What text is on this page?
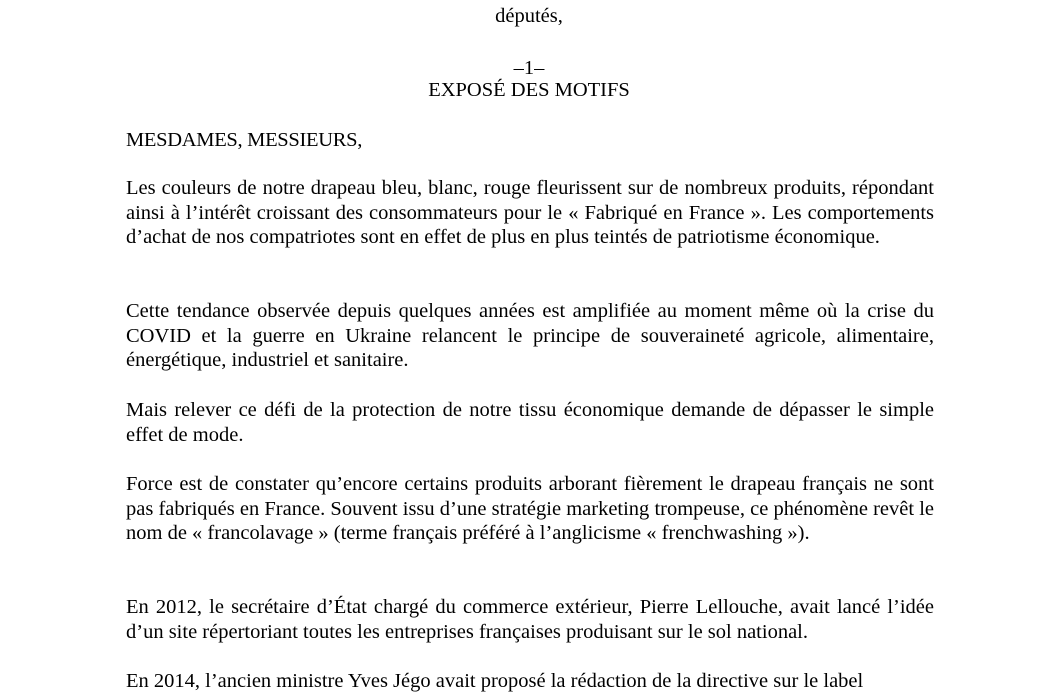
députés,
–1–
EXPOSÉ DES MOTIFS
MESDAMES, MESSIEURS,

Les couleurs de notre drapeau bleu, blanc, rouge fleurissent sur de nombreux produits, répondant ainsi à l’intérêt croissant des consommateurs pour le « Fabriqué en France ». Les comportements d’achat de nos compatriotes sont en effet de plus en plus teintés de patriotisme économique.

Cette tendance observée depuis quelques années est amplifiée au moment même où la crise du COVID et la guerre en Ukraine relancent le principe de souveraineté agricole, alimentaire, énergétique, industriel et sanitaire.

Mais relever ce défi de la protection de notre tissu économique demande de dépasser le simple effet de mode.

Force est de constater qu’encore certains produits arborant fièrement le drapeau français ne sont pas fabriqués en France. Souvent issu d’une stratégie marketing trompeuse, ce phénomène revêt le nom de « francolavage » (terme français préféré à l’anglicisme « frenchwashing »).

En 2012, le secrétaire d’État chargé du commerce extérieur, Pierre Lellouche, avait lancé l’idée d’un site répertoriant toutes les entreprises françaises produisant sur le sol national.

En 2014, l’ancien ministre Yves Jégo avait proposé la rédaction de la directive sur le label
